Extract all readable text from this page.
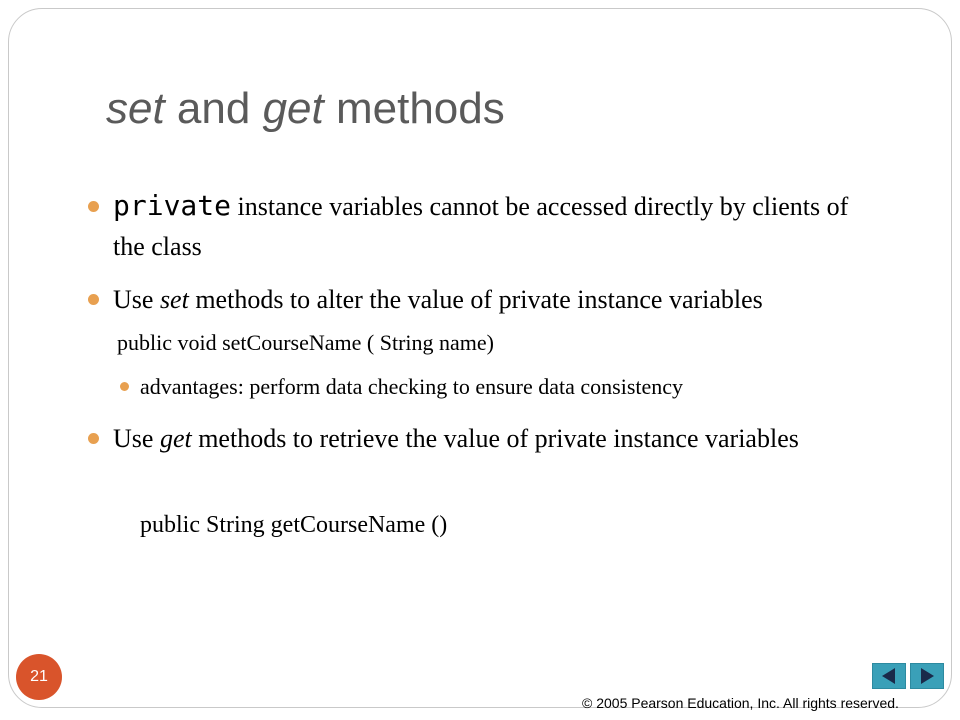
set and get methods
private instance variables cannot be accessed directly by clients of the class
Use set methods to alter the value of private instance variables
public void setCourseName ( String name)
advantages: perform data checking to ensure data consistency
Use get methods to retrieve the value of private instance variables
public String getCourseName ()
21
© 2005 Pearson Education, Inc. All rights reserved.
